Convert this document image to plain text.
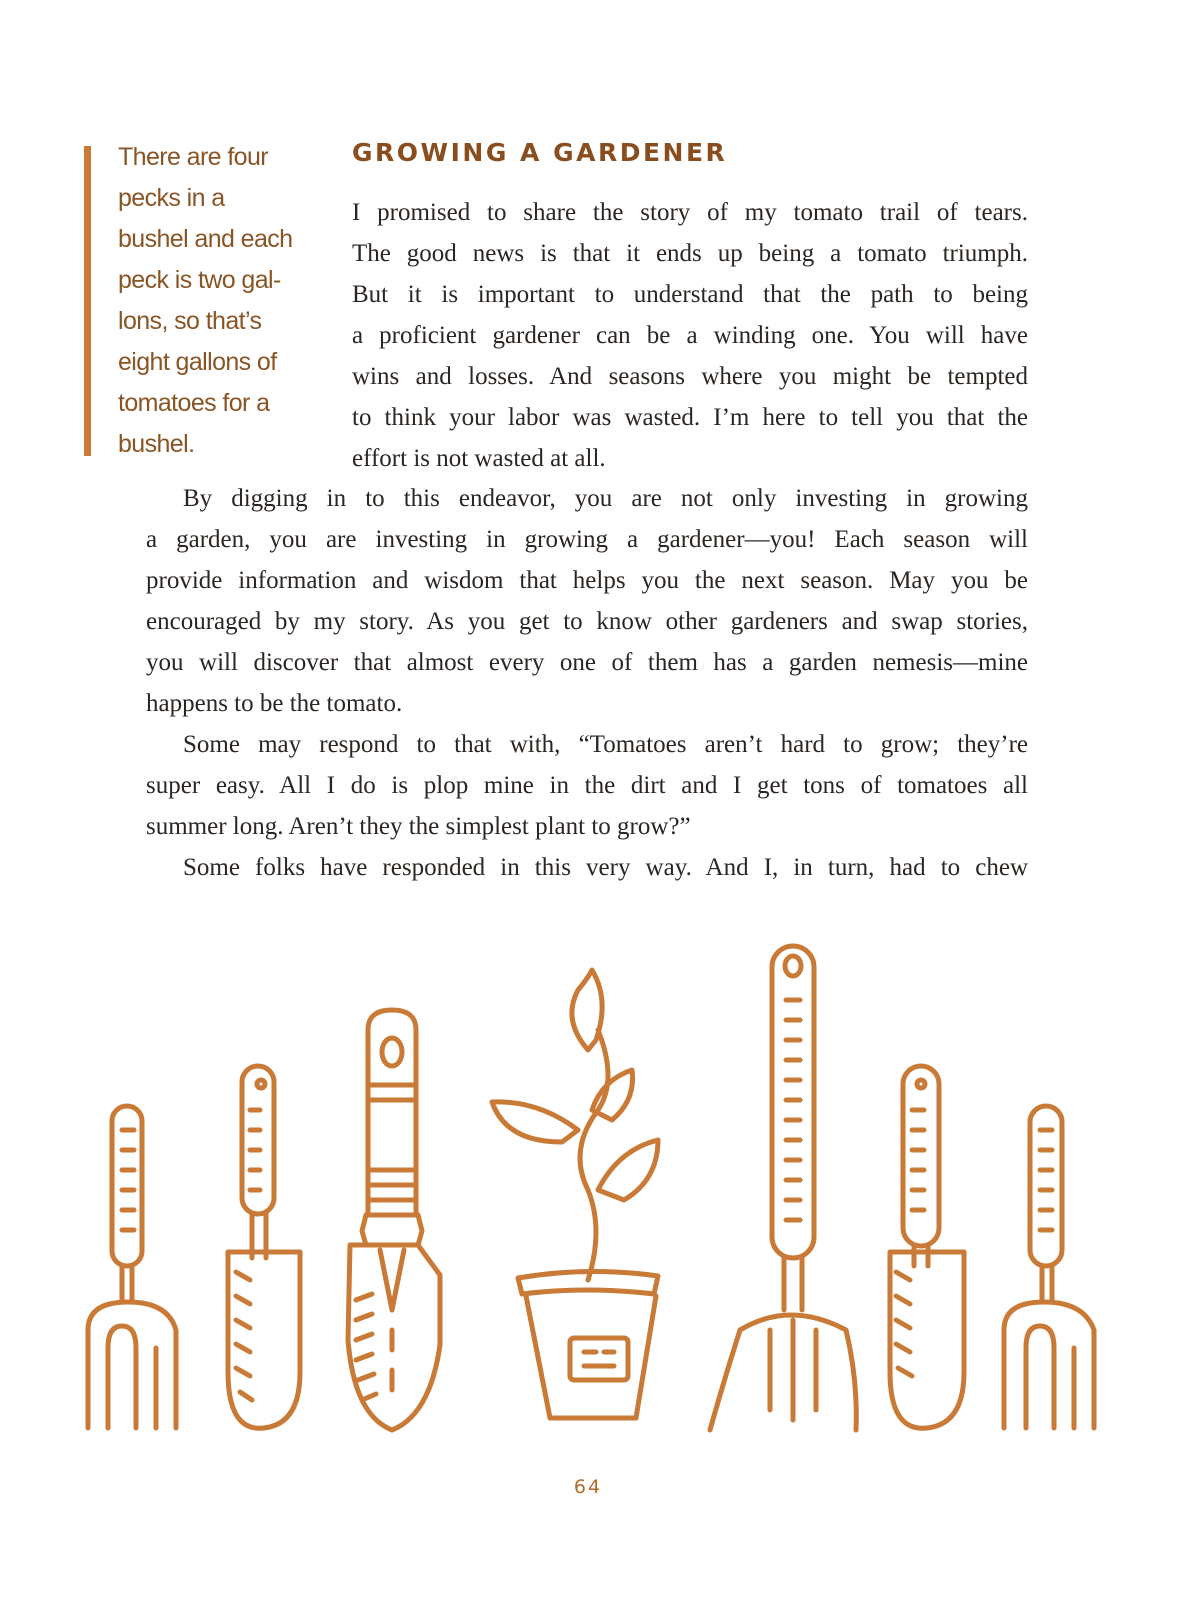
There are four
pecks in a
bushel and each
peck is two gal-
lons, so that’s
eight gallons of
tomatoes for a
bushel.
GROWING A GARDENER
I promised to share the story of my tomato trail of tears.
The good news is that it ends up being a tomato triumph.
But it is important to understand that the path to being
a proficient gardener can be a winding one. You will have
wins and losses. And seasons where you might be tempted
to think your labor was wasted. I’m here to tell you that the
effort is not wasted at all.
By digging in to this endeavor, you are not only investing in growing
a garden, you are investing in growing a gardener—you! Each season will
provide information and wisdom that helps you the next season. May you be
encouraged by my story. As you get to know other gardeners and swap stories,
you will discover that almost every one of them has a garden nemesis—mine
happens to be the tomato.
Some may respond to that with, “Tomatoes aren’t hard to grow; they’re
super easy. All I do is plop mine in the dirt and I get tons of tomatoes all
summer long. Aren’t they the simplest plant to grow?”
Some folks have responded in this very way. And I, in turn, had to chew
64
